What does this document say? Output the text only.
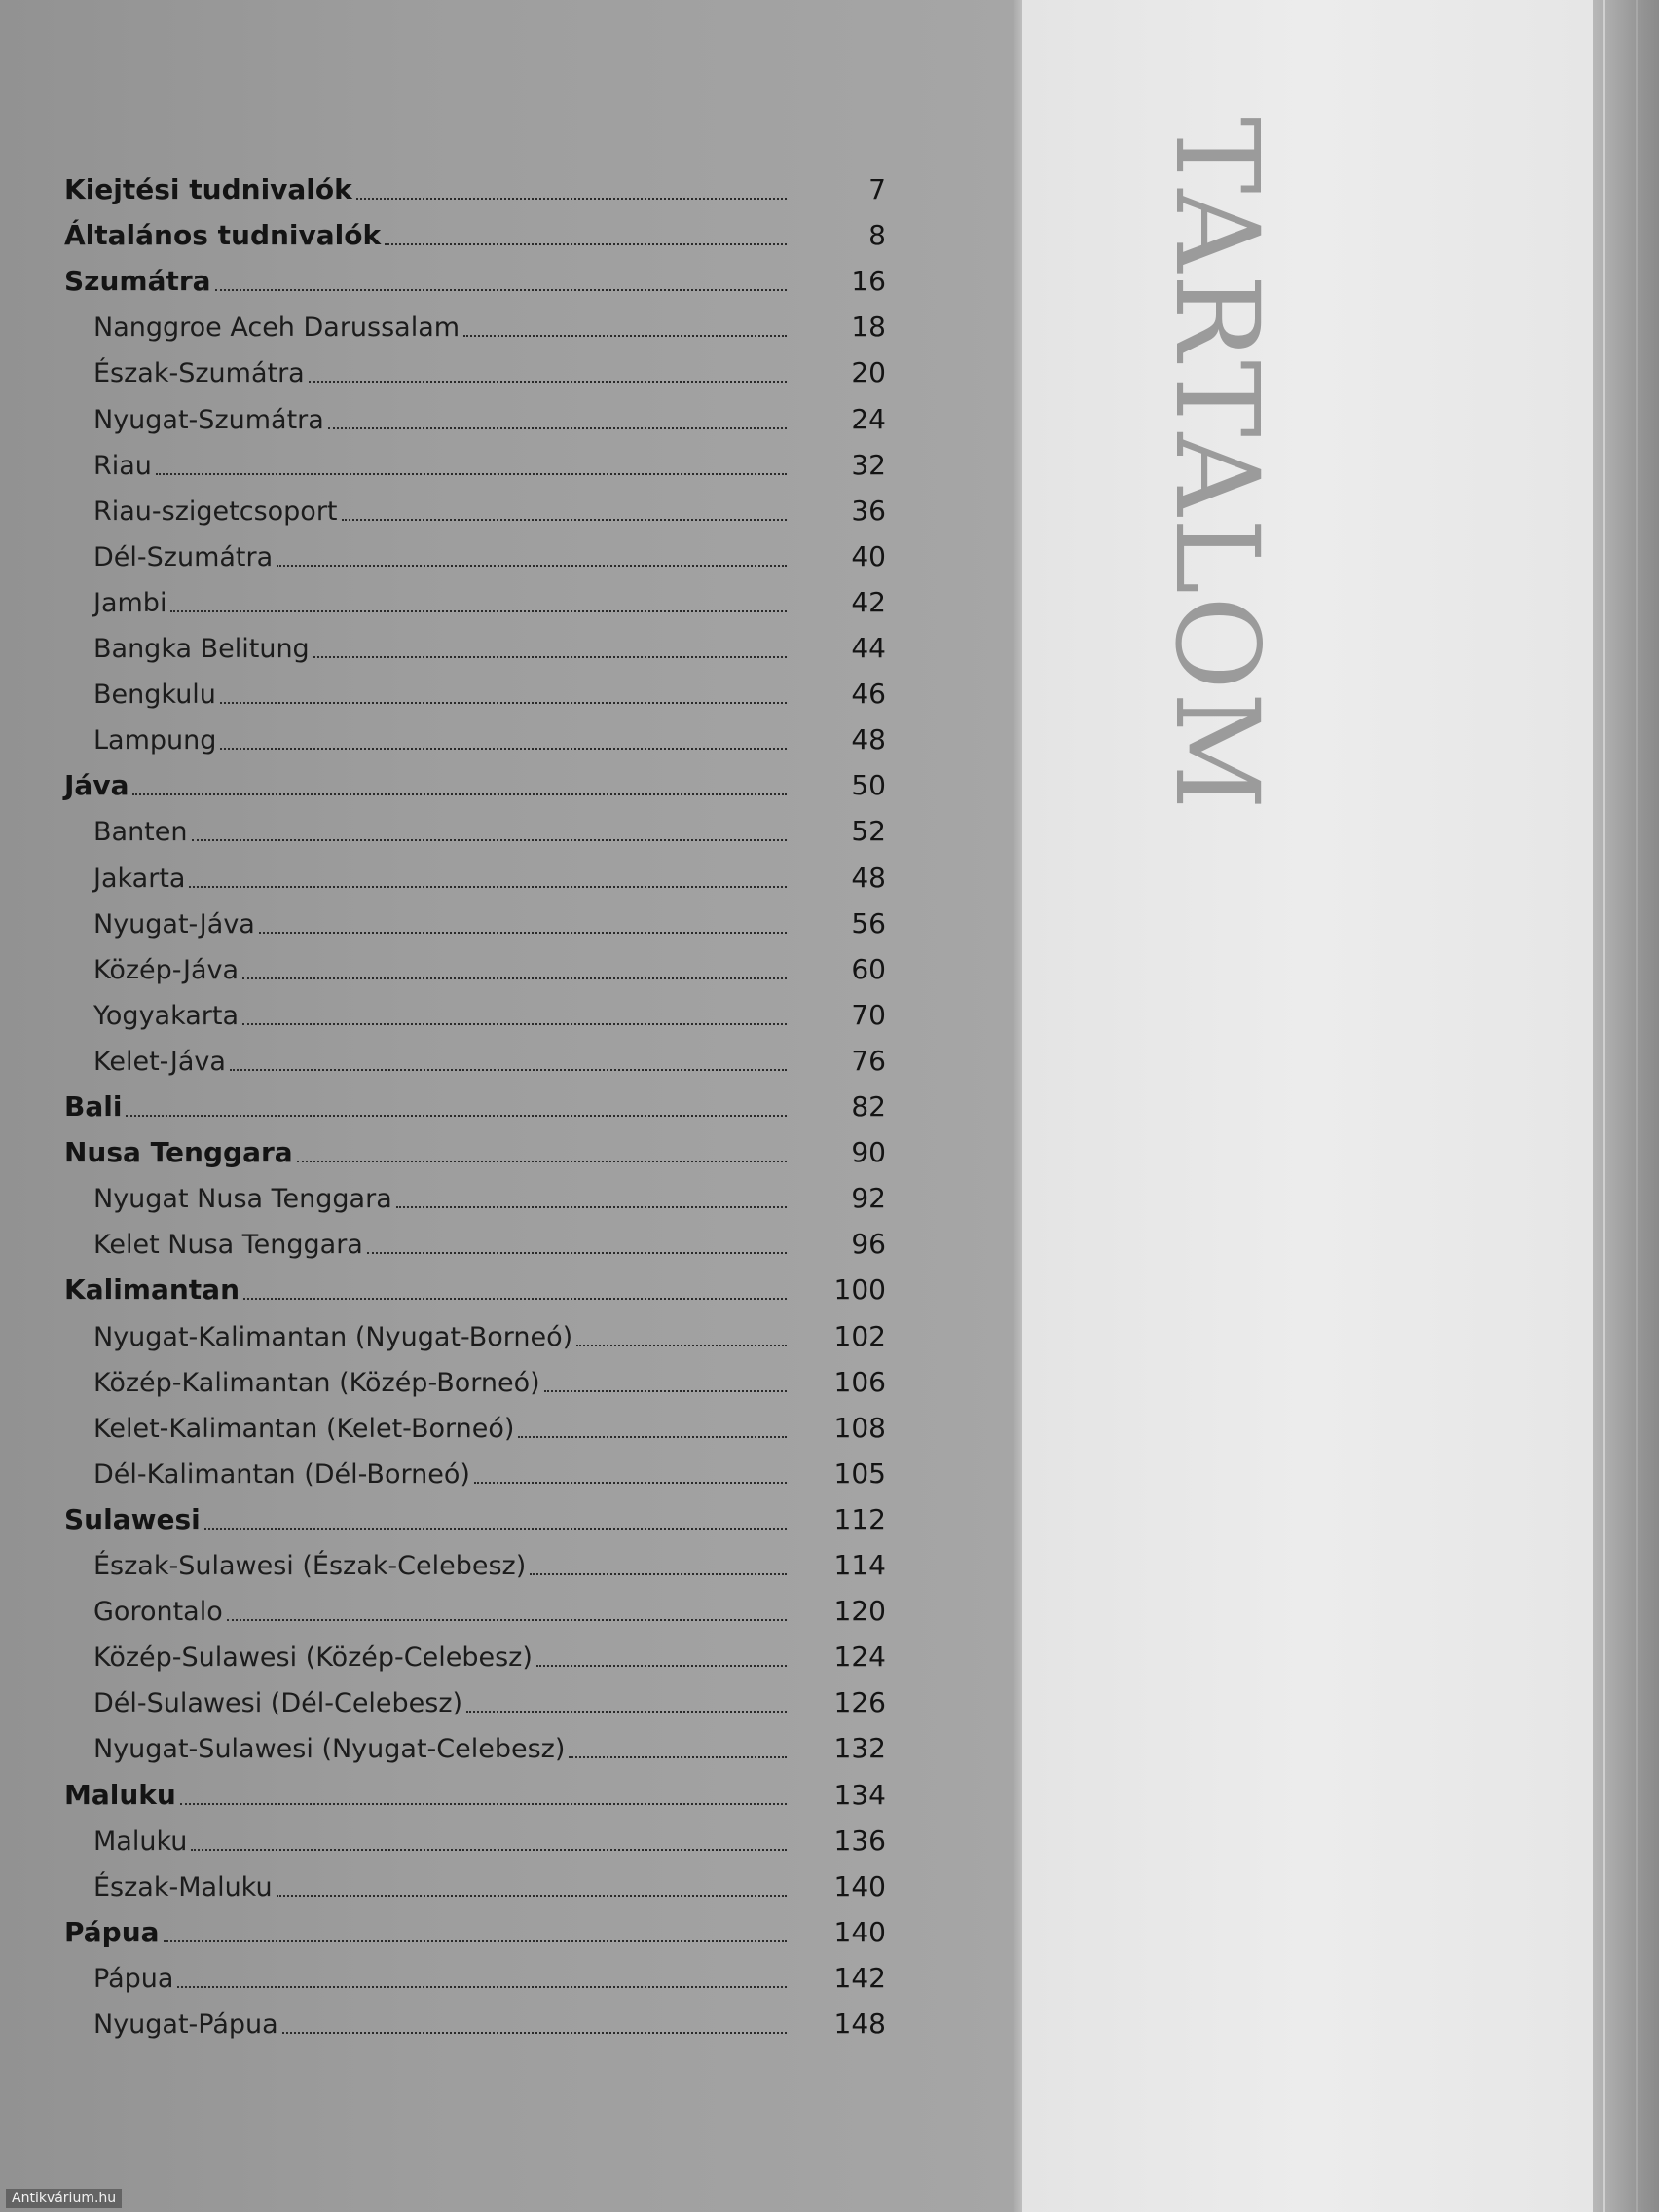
Kiejtési tudnivalók	7
Általános tudnivalók	8
Szumátra	16
Nanggroe Aceh Darussalam	18
Észak-Szumátra	20
Nyugat-Szumátra	24
Riau	32
Riau-szigetcsoport	36
Dél-Szumátra	40
Jambi	42
Bangka Belitung	44
Bengkulu	46
Lampung	48
Jáva	50
Banten	52
Jakarta	48
Nyugat-Jáva	56
Közép-Jáva	60
Yogyakarta	70
Kelet-Jáva	76
Bali	82
Nusa Tenggara	90
Nyugat Nusa Tenggara	92
Kelet Nusa Tenggara	96
Kalimantan	100
Nyugat-Kalimantan (Nyugat-Borneó)	102
Közép-Kalimantan (Közép-Borneó)	106
Kelet-Kalimantan (Kelet-Borneó)	108
Dél-Kalimantan (Dél-Borneó)	105
Sulawesi	112
Észak-Sulawesi (Észak-Celebesz)	114
Gorontalo	120
Közép-Sulawesi (Közép-Celebesz)	124
Dél-Sulawesi (Dél-Celebesz)	126
Nyugat-Sulawesi (Nyugat-Celebesz)	132
Maluku	134
Maluku	136
Észak-Maluku	140
Pápua	140
Pápua	142
Nyugat-Pápua	148
TARTALOM
Antikvárium.hu
